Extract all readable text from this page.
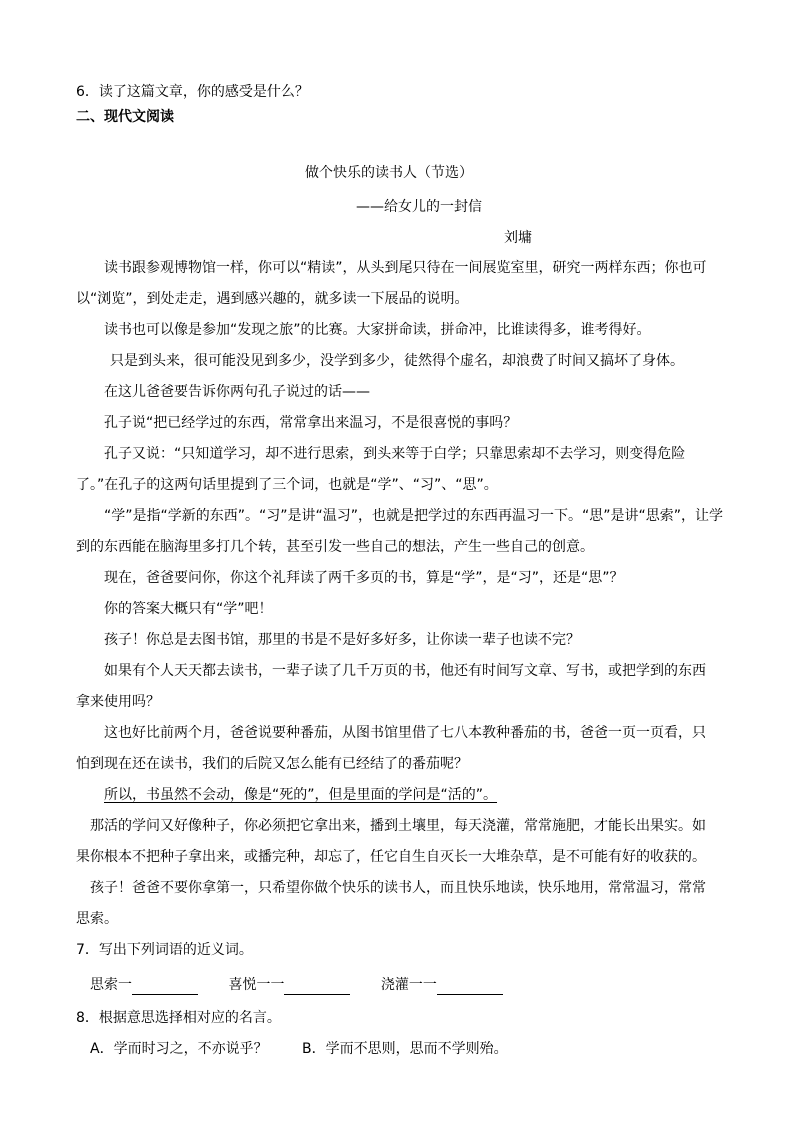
6．读了这篇文章，你的感受是什么？
二、现代文阅读
做个快乐的读书人（节选）
——给女儿的一封信
刘墉
读书跟参观博物馆一样，你可以“精读”，从头到尾只待在一间展览室里，研究一两样东西；你也可
以“浏览”，到处走走，遇到感兴趣的，就多读一下展品的说明。
读书也可以像是参加“发现之旅”的比赛。大家拼命读，拼命冲，比谁读得多，谁考得好。
只是到头来，很可能没见到多少，没学到多少，徒然得个虚名，却浪费了时间又搞坏了身体。
在这儿爸爸要告诉你两句孔子说过的话——
孔子说“把已经学过的东西，常常拿出来温习，不是很喜悦的事吗？
孔子又说：“只知道学习，却不进行思索，到头来等于白学；只靠思索却不去学习，则变得危险
了。”在孔子的这两句话里提到了三个词，也就是“学”、“习”、“思”。
“学”是指“学新的东西”。“习”是讲“温习”，也就是把学过的东西再温习一下。“思”是讲“思索”，让学
到的东西能在脑海里多打几个转，甚至引发一些自己的想法，产生一些自己的创意。
现在，爸爸要问你，你这个礼拜读了两千多页的书，算是“学”，是“习”，还是“思”？
你的答案大概只有“学”吧！
孩子！你总是去图书馆，那里的书是不是好多好多，让你读一辈子也读不完？
如果有个人天天都去读书，一辈子读了几千万页的书，他还有时间写文章、写书，或把学到的东西
拿来使用吗？
这也好比前两个月，爸爸说要种番茄，从图书馆里借了七八本教种番茄的书，爸爸一页一页看，只
怕到现在还在读书，我们的后院又怎么能有已经结了的番茄呢？
所以，书虽然不会动，像是“死的”，但是里面的学问是“活的”。
那活的学问又好像种子，你必须把它拿出来，播到土壤里，每天浇灌，常常施肥，才能长出果实。如
果你根本不把种子拿出来，或播完种，却忘了，任它自生自灭长一大堆杂草，是不可能有好的收获的。
孩子！爸爸不要你拿第一，只希望你做个快乐的读书人，而且快乐地读，快乐地用，常常温习，常常
思索。
7．写出下列词语的近义词。
思索一	喜悦一一	浇灌一一
8．根据意思选择相对应的名言。
A．学而时习之，不亦说乎？ B．学而不思则，思而不学则殆。
